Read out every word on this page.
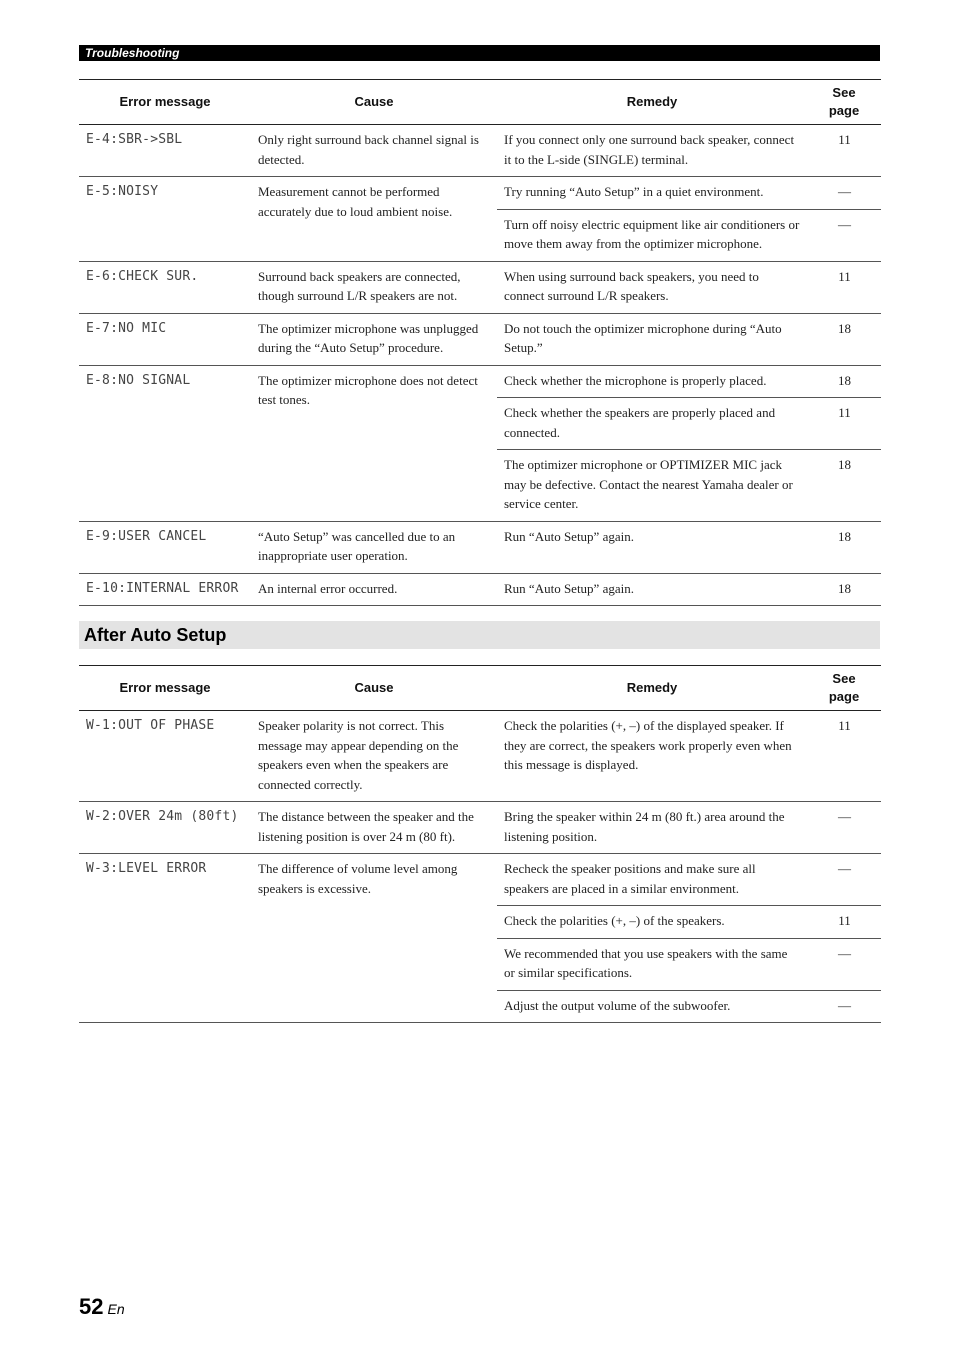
Troubleshooting
Error message	Cause	Remedy	See
page
E-4:SBR->SBL	Only right surround back channel signal is detected.	If you connect only one surround back speaker, connect it to the L-side (SINGLE) terminal.	11
E-5:NOISY	Measurement cannot be performed accurately due to loud ambient noise.	Try running “Auto Setup” in a quiet environment.	—
		Turn off noisy electric equipment like air conditioners or move them away from the optimizer microphone.	—
E-6:CHECK SUR.	Surround back speakers are connected, though surround L/R speakers are not.	When using surround back speakers, you need to connect surround L/R speakers.	11
E-7:NO MIC	The optimizer microphone was unplugged during the “Auto Setup” procedure.	Do not touch the optimizer microphone during “Auto Setup.”	18
E-8:NO SIGNAL	The optimizer microphone does not detect test tones.	Check whether the microphone is properly placed.	18
		Check whether the speakers are properly placed and connected.	11
		The optimizer microphone or OPTIMIZER MIC jack may be defective. Contact the nearest Yamaha dealer or service center.	18
E-9:USER CANCEL	“Auto Setup” was cancelled due to an inappropriate user operation.	Run “Auto Setup” again.	18
E-10:INTERNAL ERROR	An internal error occurred.	Run “Auto Setup” again.	18
After Auto Setup
Error message	Cause	Remedy	See
page
W-1:OUT OF PHASE	Speaker polarity is not correct. This message may appear depending on the speakers even when the speakers are connected correctly.	Check the polarities (+, –) of the displayed speaker. If they are correct, the speakers work properly even when this message is displayed.	11
W-2:OVER 24m (80ft)	The distance between the speaker and the listening position is over 24 m (80 ft).	Bring the speaker within 24 m (80 ft.) area around the listening position.	—
W-3:LEVEL ERROR	The difference of volume level among speakers is excessive.	Recheck the speaker positions and make sure all speakers are placed in a similar environment.	—
		Check the polarities (+, –) of the speakers.	11
		We recommended that you use speakers with the same or similar specifications.	—
		Adjust the output volume of the subwoofer.	—
52 En
